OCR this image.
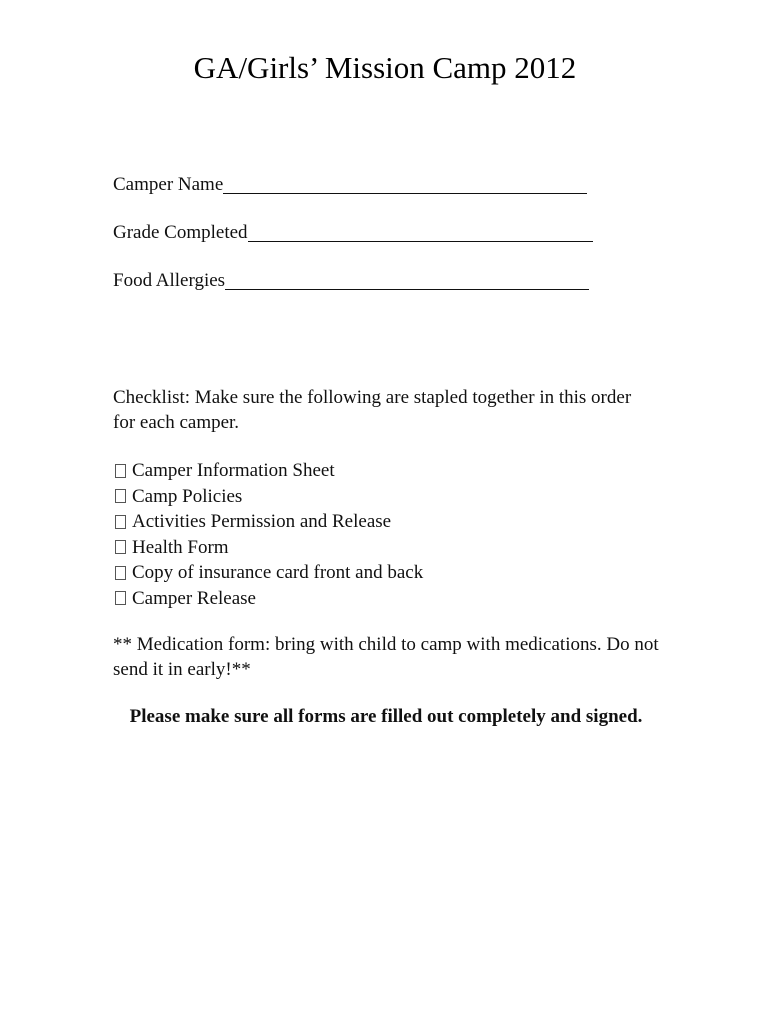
GA/Girls’ Mission Camp 2012
Camper Name
Grade Completed
Food Allergies
Checklist: Make sure the following are stapled together in this order for each camper.
Camper Information Sheet
Camp Policies
Activities Permission and Release
Health Form
Copy of insurance card front and back
Camper Release
** Medication form: bring with child to camp with medications. Do not send it in early!**
Please make sure all forms are filled out completely and signed.
